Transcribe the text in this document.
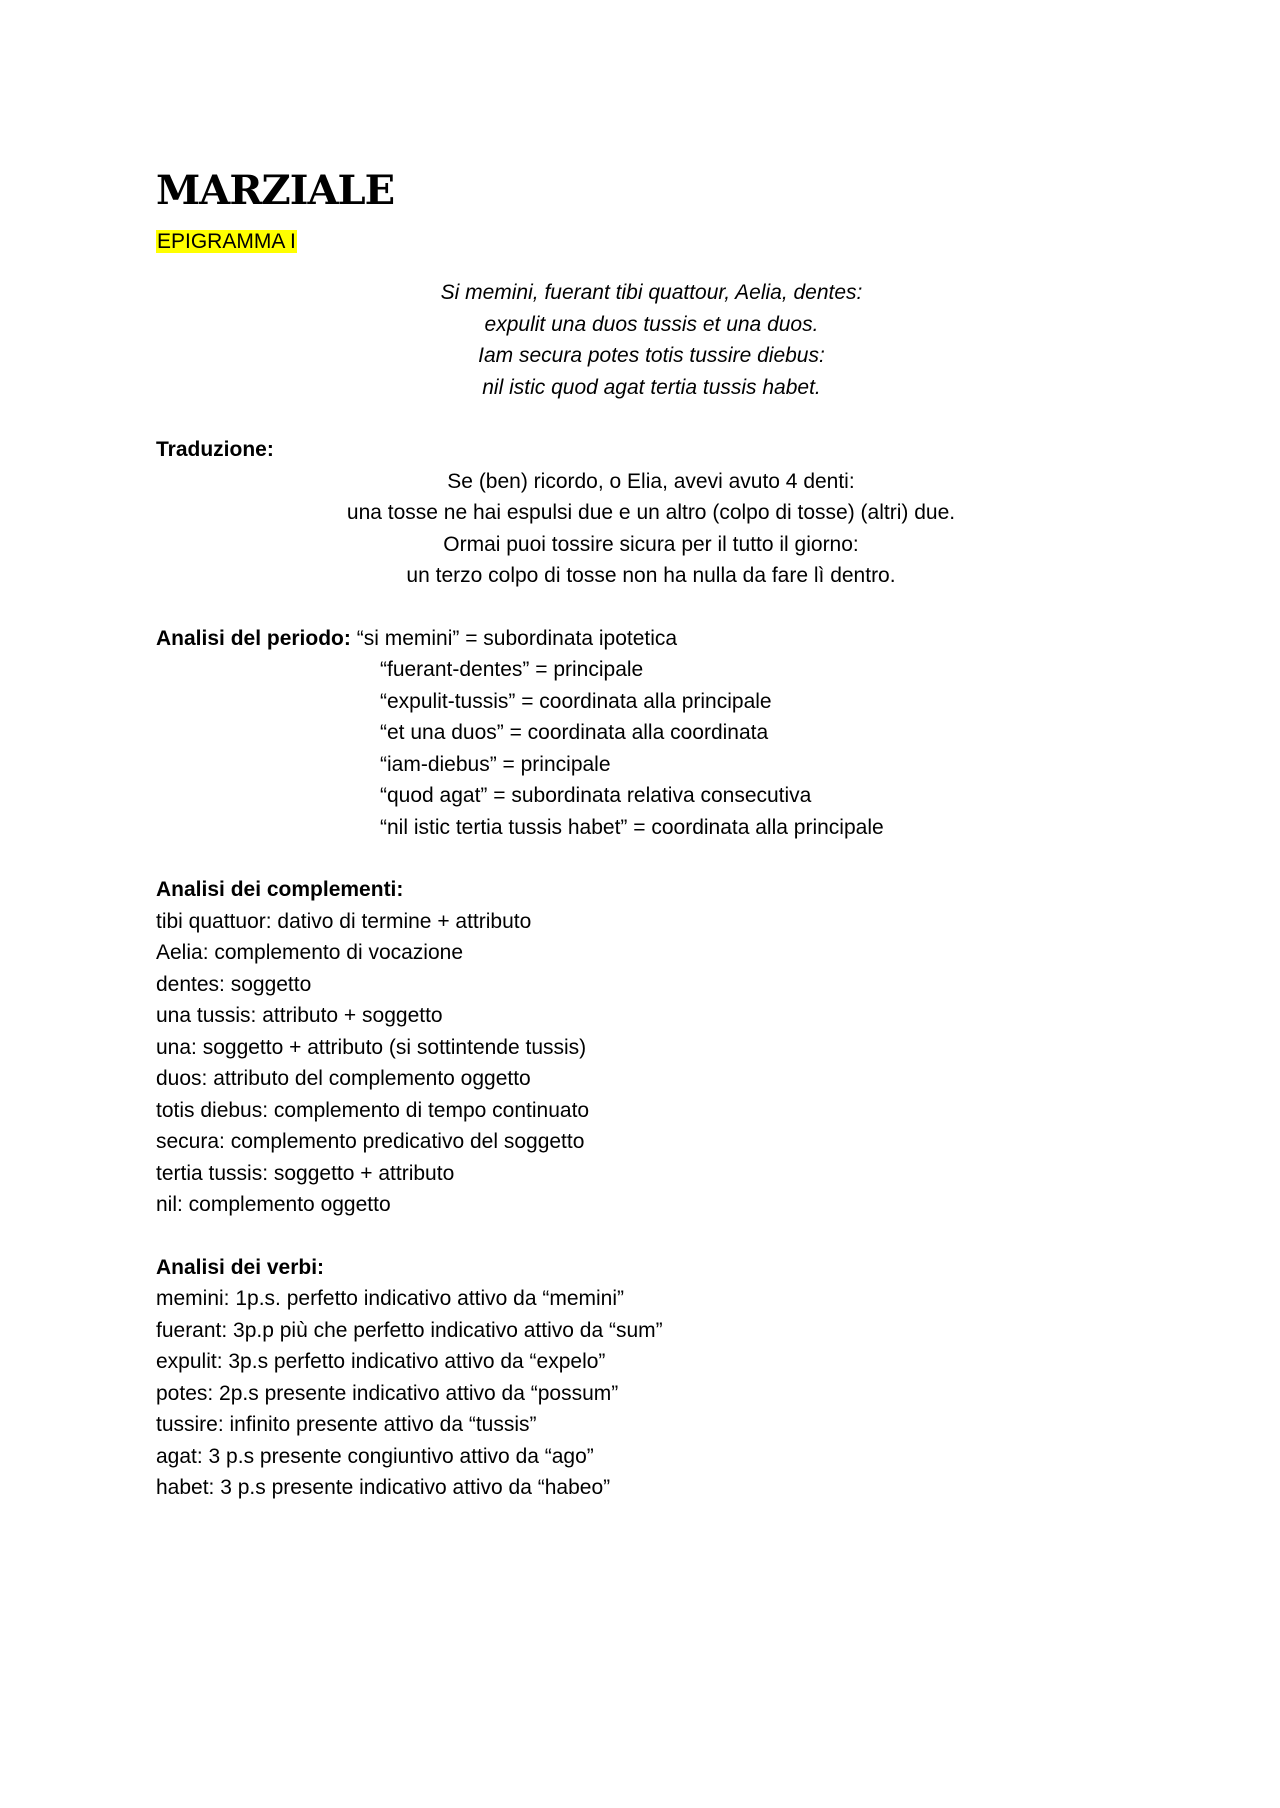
MARZIALE
EPIGRAMMA I
Si memini, fuerant tibi quattour, Aelia, dentes:
expulit una duos tussis et una duos.
Iam secura potes totis tussire diebus:
nil istic quod agat tertia tussis habet.
Traduzione:
Se (ben) ricordo, o Elia, avevi avuto 4 denti:
una tosse ne hai espulsi due e un altro (colpo di tosse) (altri) due.
Ormai puoi tossire sicura per il tutto il giorno:
un terzo colpo di tosse non ha nulla da fare lì dentro.
Analisi del periodo: “si memini” = subordinata ipotetica
“fuerant-dentes” = principale
“expulit-tussis” = coordinata alla principale
“et una duos” = coordinata alla coordinata
“iam-diebus” = principale
“quod agat” = subordinata relativa consecutiva
“nil istic tertia tussis habet” = coordinata alla principale
Analisi dei complementi:
tibi quattuor: dativo di termine + attributo
Aelia: complemento di vocazione
dentes: soggetto
una tussis: attributo + soggetto
una: soggetto + attributo (si sottintende tussis)
duos: attributo del complemento oggetto
totis diebus: complemento di tempo continuato
secura: complemento predicativo del soggetto
tertia tussis: soggetto + attributo
nil: complemento oggetto
Analisi dei verbi:
memini: 1p.s. perfetto indicativo attivo da “memini”
fuerant: 3p.p più che perfetto indicativo attivo da “sum”
expulit: 3p.s perfetto indicativo attivo da “expelo”
potes: 2p.s presente indicativo attivo da “possum”
tussire: infinito presente attivo da “tussis”
agat: 3 p.s presente congiuntivo attivo da “ago”
habet: 3 p.s presente indicativo attivo da “habeo”
